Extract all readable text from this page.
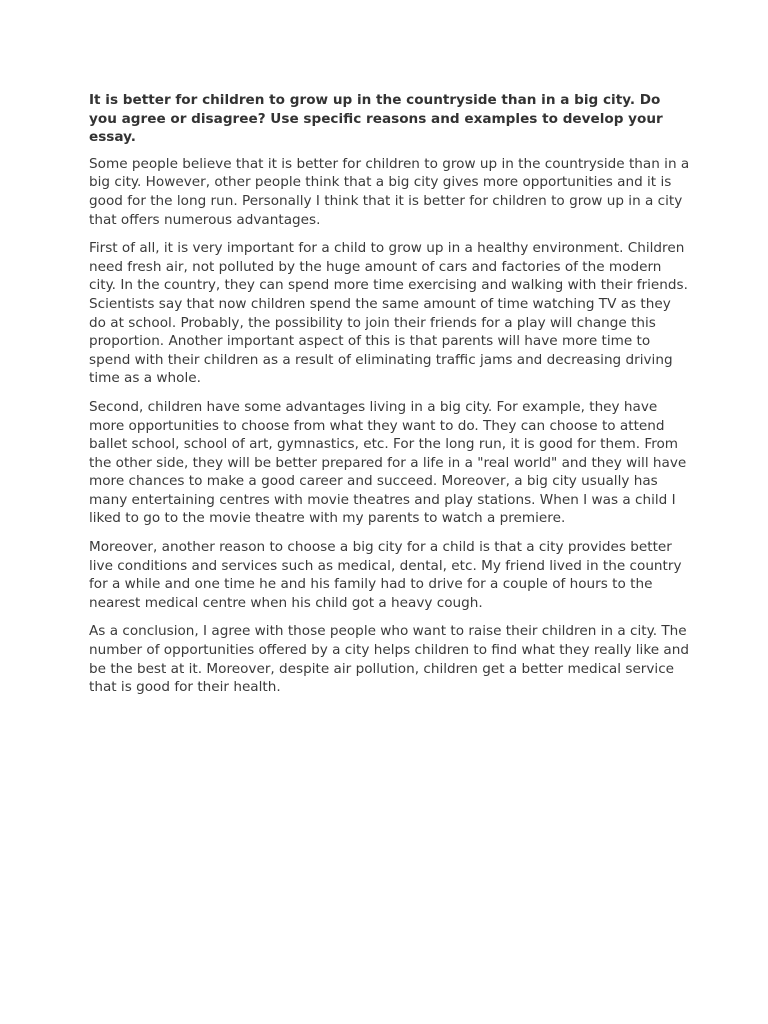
It is better for children to grow up in the countryside than in a big city. Do you agree or disagree? Use specific reasons and examples to develop your essay.

Some people believe that it is better for children to grow up in the countryside than in a big city. However, other people think that a big city gives more opportunities and it is good for the long run. Personally I think that it is better for children to grow up in a city that offers numerous advantages.

First of all, it is very important for a child to grow up in a healthy environment. Children need fresh air, not polluted by the huge amount of cars and factories of the modern city. In the country, they can spend more time exercising and walking with their friends. Scientists say that now children spend the same amount of time watching TV as they do at school. Probably, the possibility to join their friends for a play will change this proportion. Another important aspect of this is that parents will have more time to spend with their children as a result of eliminating traffic jams and decreasing driving time as a whole.

Second, children have some advantages living in a big city. For example, they have more opportunities to choose from what they want to do. They can choose to attend ballet school, school of art, gymnastics, etc. For the long run, it is good for them. From the other side, they will be better prepared for a life in a "real world" and they will have more chances to make a good career and succeed. Moreover, a big city usually has many entertaining centres with movie theatres and play stations. When I was a child I liked to go to the movie theatre with my parents to watch a premiere.

Moreover, another reason to choose a big city for a child is that a city provides better live conditions and services such as medical, dental, etc. My friend lived in the country for a while and one time he and his family had to drive for a couple of hours to the nearest medical centre when his child got a heavy cough.

As a conclusion, I agree with those people who want to raise their children in a city. The number of opportunities offered by a city helps children to find what they really like and be the best at it. Moreover, despite air pollution, children get a better medical service that is good for their health.
